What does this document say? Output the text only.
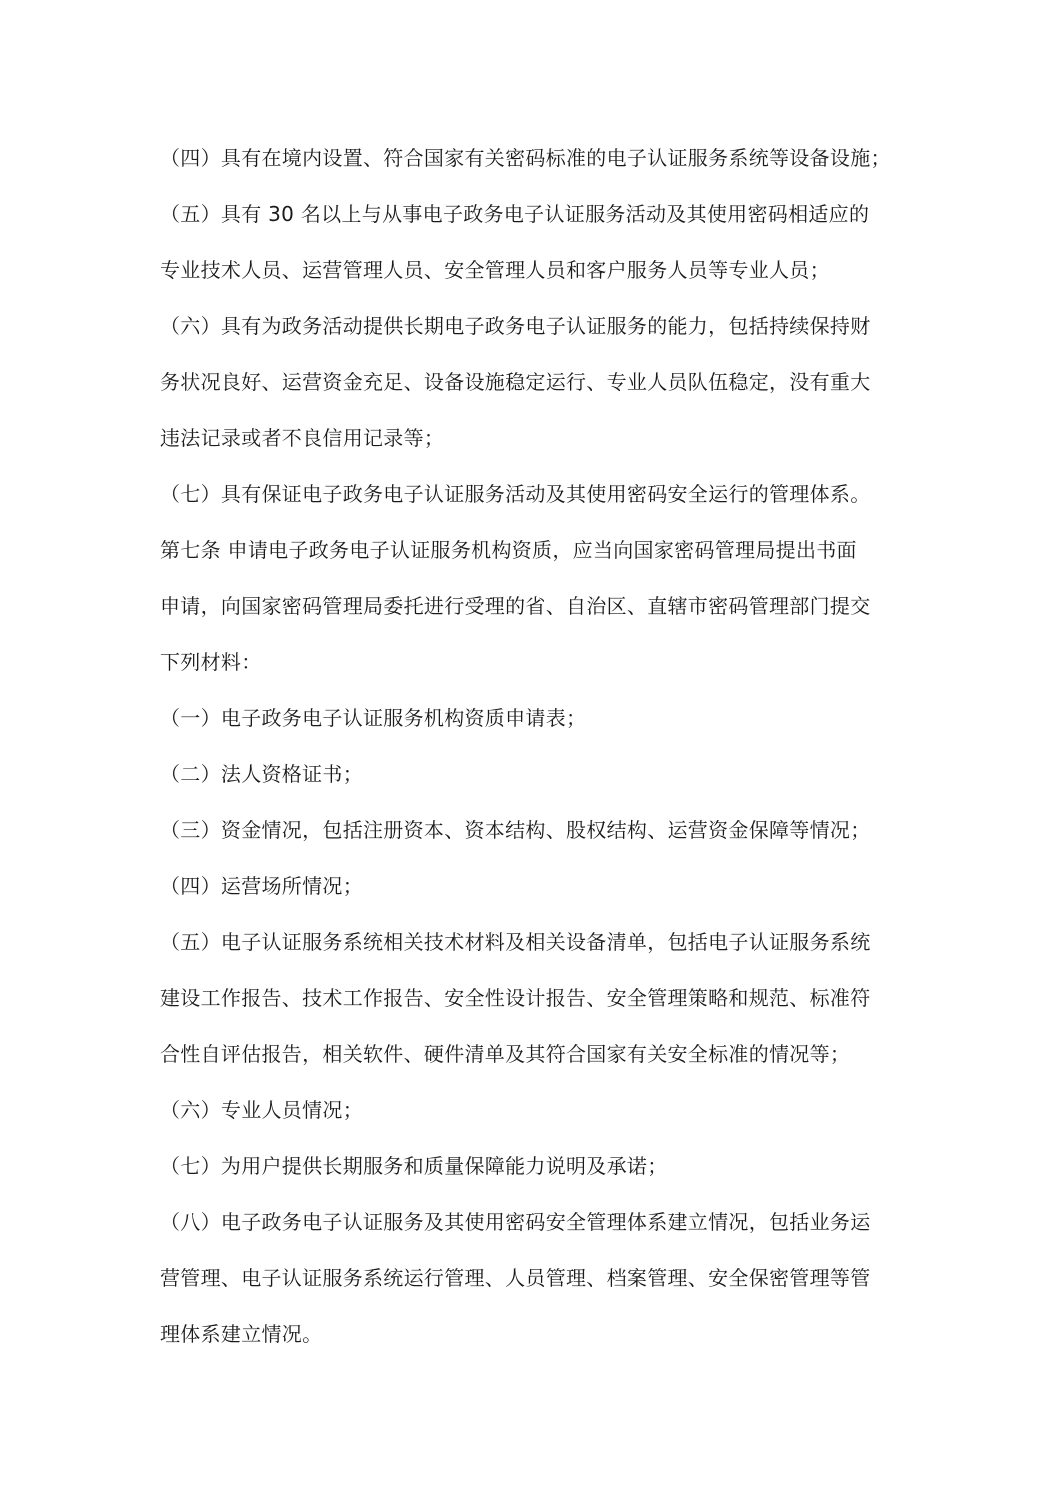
（四）具有在境内设置、符合国家有关密码标准的电子认证服务系统等设备设施；
（五）具有 30 名以上与从事电子政务电子认证服务活动及其使用密码相适应的
专业技术人员、运营管理人员、安全管理人员和客户服务人员等专业人员；
（六）具有为政务活动提供长期电子政务电子认证服务的能力，包括持续保持财
务状况良好、运营资金充足、设备设施稳定运行、专业人员队伍稳定，没有重大
违法记录或者不良信用记录等；
（七）具有保证电子政务电子认证服务活动及其使用密码安全运行的管理体系。
第七条 申请电子政务电子认证服务机构资质，应当向国家密码管理局提出书面
申请，向国家密码管理局委托进行受理的省、自治区、直辖市密码管理部门提交
下列材料：
（一）电子政务电子认证服务机构资质申请表；
（二）法人资格证书；
（三）资金情况，包括注册资本、资本结构、股权结构、运营资金保障等情况；
（四）运营场所情况；
（五）电子认证服务系统相关技术材料及相关设备清单，包括电子认证服务系统
建设工作报告、技术工作报告、安全性设计报告、安全管理策略和规范、标准符
合性自评估报告，相关软件、硬件清单及其符合国家有关安全标准的情况等；
（六）专业人员情况；
（七）为用户提供长期服务和质量保障能力说明及承诺；
（八）电子政务电子认证服务及其使用密码安全管理体系建立情况，包括业务运
营管理、电子认证服务系统运行管理、人员管理、档案管理、安全保密管理等管
理体系建立情况。
